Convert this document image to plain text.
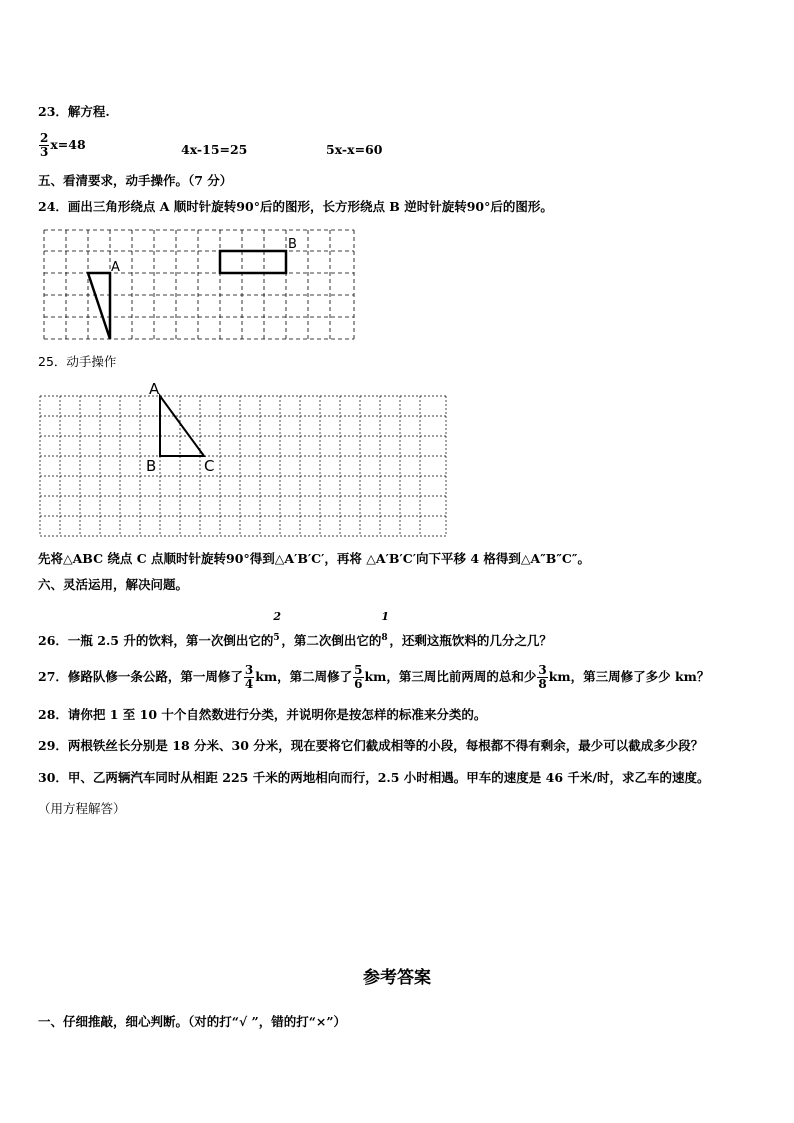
23．解方程.
$\frac{2}{3} x=48$	4x-15=25	5x-x=60
五、看清要求，动手操作。（7 分）
24．画出三角形绕点 A 顺时针旋转90°后的图形，长方形绕点 B 逆时针旋转90°后的图形。
A
B
25．动手操作
A
B	C
先将△ABC 绕点 C 点顺时针旋转90°得到△A′B′C′，再将 △A′B′C′向下平移 4 格得到△A″B″C″。
六、灵活运用，解决问题。
26．一瓶 2.5 升的饮料，第一次倒出它的
2
5 ，第二次倒出它的
1
8 ，还剩这瓶饮料的几分之几？
27．修路队修一条公路，第一周修了 $\frac{3}{4}$ km，第二周修了 $\frac{5}{6}$ km，第三周比前两周的总和少 $\frac{3}{8}$ km，第三周修了多少 km？
28．请你把 1 至 10 十个自然数进行分类，并说明你是按怎样的标准来分类的。
29．两根铁丝长分别是 18 分米、30 分米，现在要将它们截成相等的小段，每根都不得有剩余，最少可以截成多少段？
30．甲、乙两辆汽车同时从相距 225 千米的两地相向而行，2.5 小时相遇。甲车的速度是 46 千米/时，求乙车的速度。
（用方程解答）
参考答案
一、仔细推敲，细心判断。（对的打“√ ”，错的打“×”）
